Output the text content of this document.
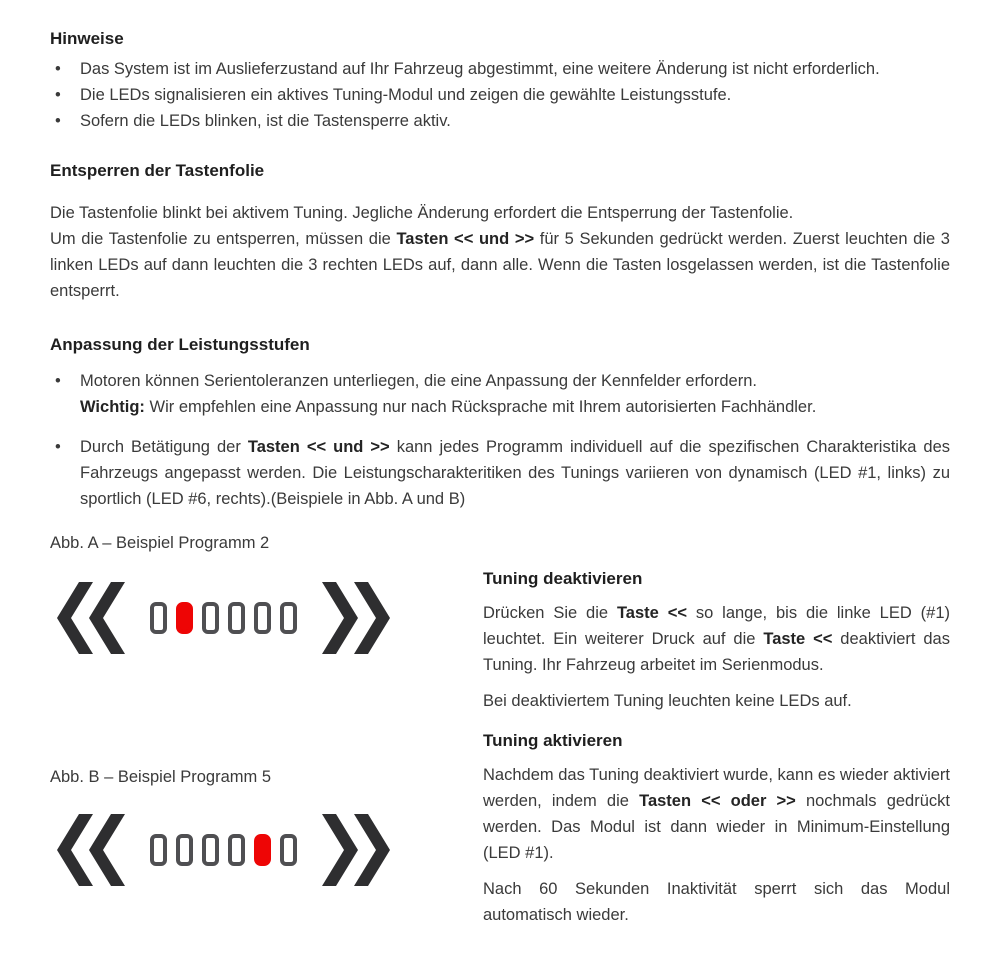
Hinweise
•	Das System ist im Auslieferzustand auf Ihr Fahrzeug abgestimmt, eine weitere Änderung ist nicht erforderlich.
•	Die LEDs signalisieren ein aktives Tuning-Modul und zeigen die gewählte Leistungsstufe.
•	Sofern die LEDs blinken, ist die Tastensperre aktiv.
Entsperren der Tastenfolie
Die Tastenfolie blinkt bei aktivem Tuning. Jegliche Änderung erfordert die Entsperrung der Tastenfolie.
Um die Tastenfolie zu entsperren, müssen die Tasten << und >> für 5 Sekunden gedrückt werden. Zuerst leuchten die 3 linken LEDs auf dann leuchten die 3 rechten LEDs auf, dann alle. Wenn die Tasten losgelassen werden, ist die Tastenfolie entsperrt.
Anpassung der Leistungsstufen
•	Motoren können Serientoleranzen unterliegen, die eine Anpassung der Kennfelder erfordern.
Wichtig: Wir empfehlen eine Anpassung nur nach Rücksprache mit Ihrem autorisierten Fachhändler.
•	Durch Betätigung der Tasten << und >> kann jedes Programm individuell auf die spezifischen Charakteristika des Fahrzeugs angepasst werden. Die Leistungscharakteritiken des Tunings variieren von dynamisch (LED #1, links) zu sportlich (LED #6, rechts).(Beispiele in Abb. A und B)
Abb. A – Beispiel Programm 2
Abb. B – Beispiel Programm 5
Tuning deaktivieren

Drücken Sie die Taste << so lange, bis die linke LED (#1) leuchtet. Ein weiterer Druck auf die Taste << deaktiviert das Tuning. Ihr Fahrzeug arbeitet im Serienmodus.

Bei deaktiviertem Tuning leuchten keine LEDs auf.

Tuning aktivieren

Nachdem das Tuning deaktiviert wurde, kann es wieder aktiviert werden, indem die Tasten << oder >> nochmals gedrückt werden. Das Modul ist dann wieder in Minimum-Einstellung (LED #1).

Nach 60 Sekunden Inaktivität sperrt sich das Modul automatisch wieder.
